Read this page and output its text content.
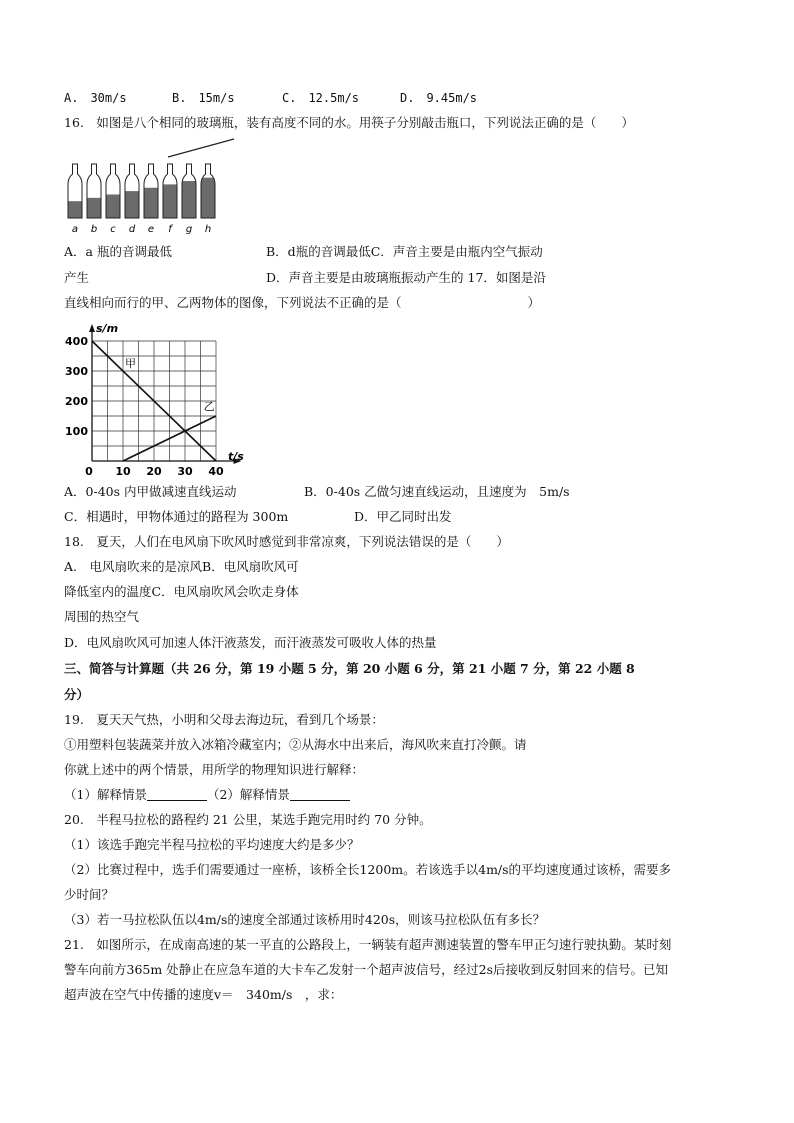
A.　30m/s	B.　15m/s	C.　12.5m/s	D.　9.45m/s
16.　如图是八个相同的玻璃瓶，装有高度不同的水。用筷子分别敲击瓶口，下列说法正确的是（　　）
a b c d e f g h
A．a 瓶的音调最低	B．d瓶的音调最低C．声音主要是由瓶内空气振动
产生	D．声音主要是由玻璃瓶振动产生的 17．如图是沿
直线相向而行的甲、乙两物体的图像，下列说法不正确的是（	）
s/m
t/s
100
200
300
400
0 10 20 30 40
甲
乙
A．0-40s 内甲做减速直线运动	B．0-40s 乙做匀速直线运动，且速度为　5m/s
C．相遇时，甲物体通过的路程为 300m	D．甲乙同时出发
18.　夏天，人们在电风扇下吹风时感觉到非常凉爽，下列说法错误的是（　　）
A.　电风扇吹来的是凉风B．电风扇吹风可
降低室内的温度C．电风扇吹风会吹走身体
周围的热空气
D．电风扇吹风可加速人体汗液蒸发，而汗液蒸发可吸收人体的热量
三、简答与计算题（共 26 分，第 19 小题 5 分，第 20 小题 6 分，第 21 小题 7 分，第 22 小题 8
分）
19.　夏天天气热，小明和父母去海边玩，看到几个场景：
①用塑料包装蔬菜并放入冰箱冷藏室内；②从海水中出来后，海风吹来直打冷颤。请
你就上述中的两个情景，用所学的物理知识进行解释：
（1）解释情景	（2）解释情景
20.　半程马拉松的路程约 21 公里，某选手跑完用时约 70 分钟。
（1）该选手跑完半程马拉松的平均速度大约是多少？
（2）比赛过程中，选手们需要通过一座桥，该桥全长1200m。若该选手以4m/s的平均速度通过该桥，需要多
少时间？
（3）若一马拉松队伍以4m/s的速度全部通过该桥用时420s，则该马拉松队伍有多长？
21.　如图所示，在成南高速的某一平直的公路段上，一辆装有超声测速装置的警车甲正匀速行驶执勤。某时刻
警车向前方365m 处静止在应急车道的大卡车乙发射一个超声波信号，经过2s后接收到反射回来的信号。已知
超声波在空气中传播的速度v＝　340m/s　，求：
